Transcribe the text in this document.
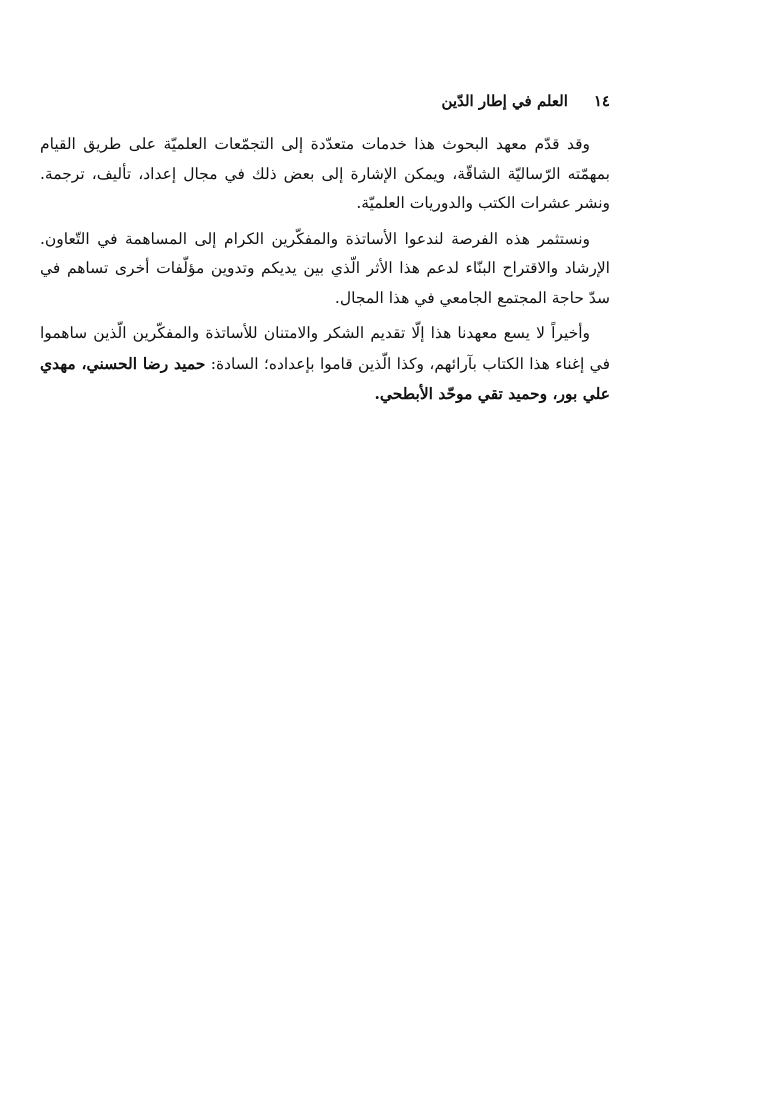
١٤
العلم في إطار الدّين

وقد قدّم معهد البحوث هذا خدمات متعدّدة إلى التجمّعات العلميّة على طريق القيام بمهمّته الرّساليّة الشاقّة، ويمكن الإشارة إلى بعض ذلك في مجال إعداد، تأليف، ترجمة. ونشر عشرات الكتب والدوريات العلميّة.

ونستثمر هذه الفرصة لندعوا الأساتذة والمفكّرين الكرام إلى المساهمة في التّعاون. الإرشاد والاقتراح البنّاء لدعم هذا الأثر الّذي بين يديكم وتدوين مؤلّفات أخرى تساهم في سدّ حاجة المجتمع الجامعي في هذا المجال.

وأخيراً لا يسع معهدنا هذا إلّا تقديم الشكر والامتنان للأساتذة والمفكّرين الّذين ساهموا في إغناء هذا الكتاب بآرائهم، وكذا الّذين قاموا بإعداده؛ السادة: حميد رضا الحسني، مهدي علي بور، وحميد تقي موحّد الأبطحي.
